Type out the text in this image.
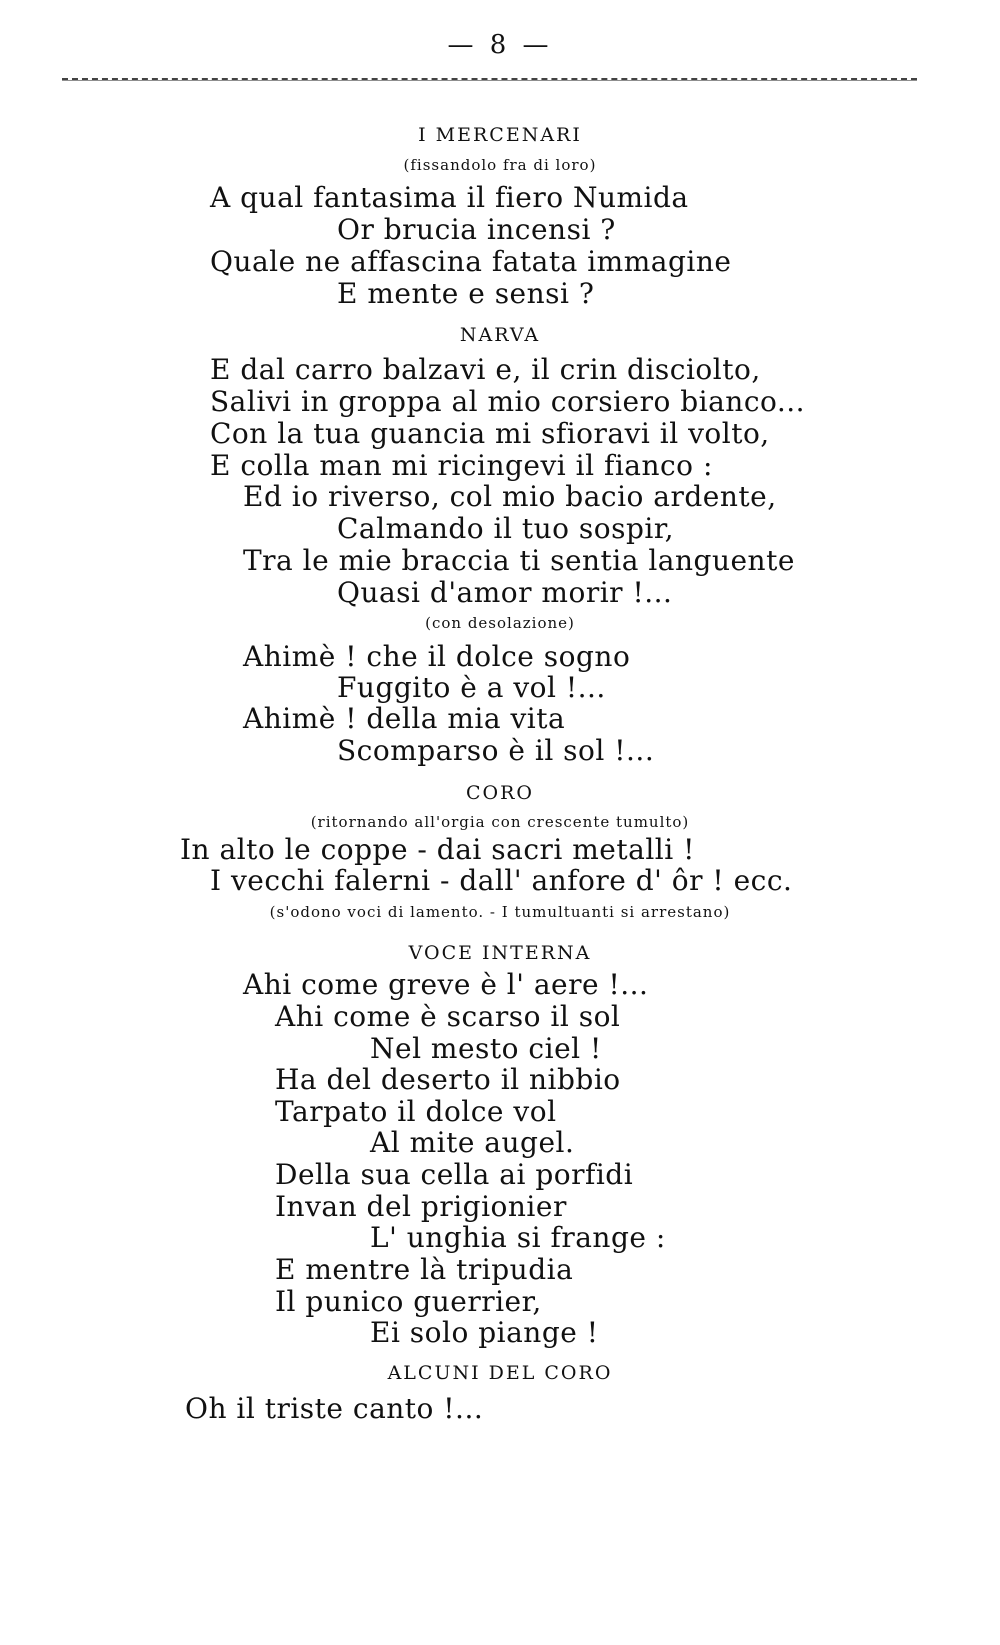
— 8 —
I MERCENARI
(fissandolo fra di loro)
A qual fantasima il fiero Numida
Or brucia incensi ?
Quale ne affascina fatata immagine
E mente e sensi ?
NARVA
E dal carro balzavi e, il crin disciolto,
Salivi in groppa al mio corsiero bianco...
Con la tua guancia mi sfioravi il volto,
E colla man mi ricingevi il fianco :
Ed io riverso, col mio bacio ardente,
Calmando il tuo sospir,
Tra le mie braccia ti sentia languente
Quasi d'amor morir !...
(con desolazione)
Ahimè ! che il dolce sogno
Fuggito è a vol !...
Ahimè ! della mia vita
Scomparso è il sol !...
CORO
(ritornando all'orgia con crescente tumulto)
In alto le coppe - dai sacri metalli !
I vecchi falerni - dall' anfore d' ôr ! ecc.
(s'odono voci di lamento. - I tumultuanti si arrestano)
VOCE INTERNA
Ahi come greve è l' aere !...
Ahi come è scarso il sol
Nel mesto ciel !
Ha del deserto il nibbio
Tarpato il dolce vol
Al mite augel.
Della sua cella ai porfidi
Invan del prigionier
L' unghia si frange :
E mentre là tripudia
Il punico guerrier,
Ei solo piange !
ALCUNI DEL CORO
Oh il triste canto !...
